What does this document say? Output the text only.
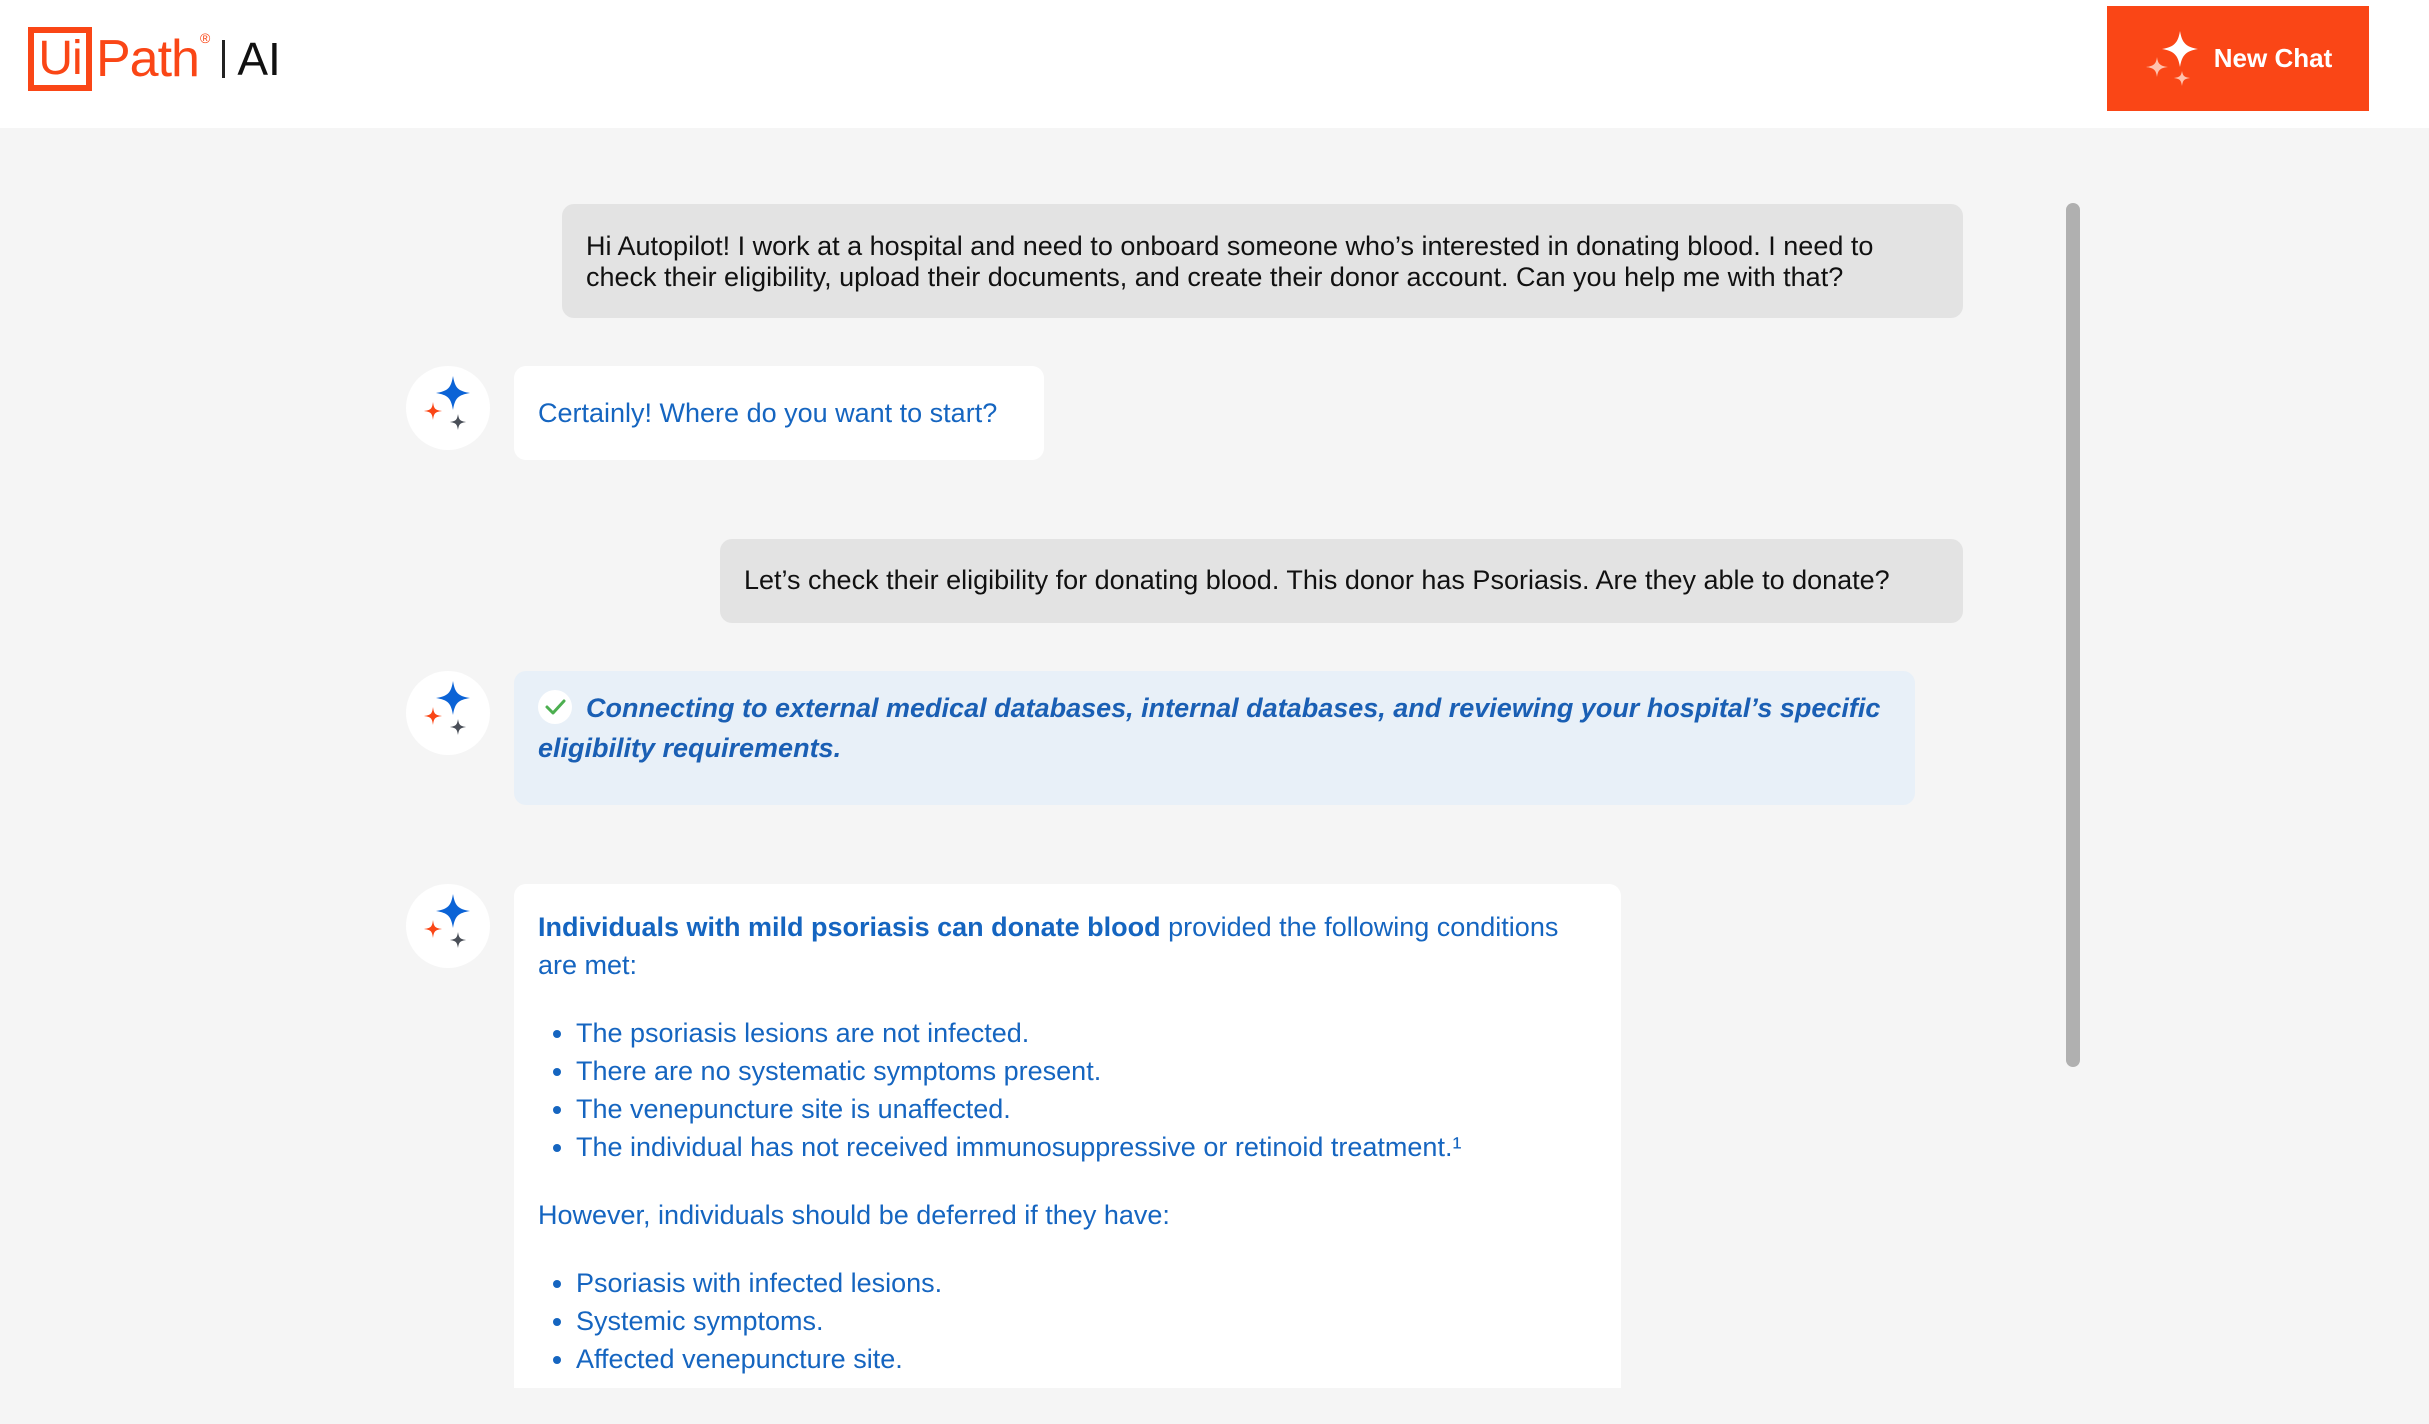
Ui Path ® AI	New Chat
Hi Autopilot! I work at a hospital and need to onboard someone who’s interested in donating blood. I need to check their eligibility, upload their documents, and create their donor account. Can you help me with that?
Certainly! Where do you want to start?
Let’s check their eligibility for donating blood. This donor has Psoriasis. Are they able to donate?
Connecting to external medical databases, internal databases, and reviewing your hospital’s specific eligibility requirements.

Individuals with mild psoriasis can donate blood provided the following conditions are met:

• The psoriasis lesions are not infected.
• There are no systematic symptoms present.
• The venepuncture site is unaffected.
• The individual has not received immunosuppressive or retinoid treatment.¹

However, individuals should be deferred if they have:

• Psoriasis with infected lesions.
• Systemic symptoms.
• Affected venepuncture site.
